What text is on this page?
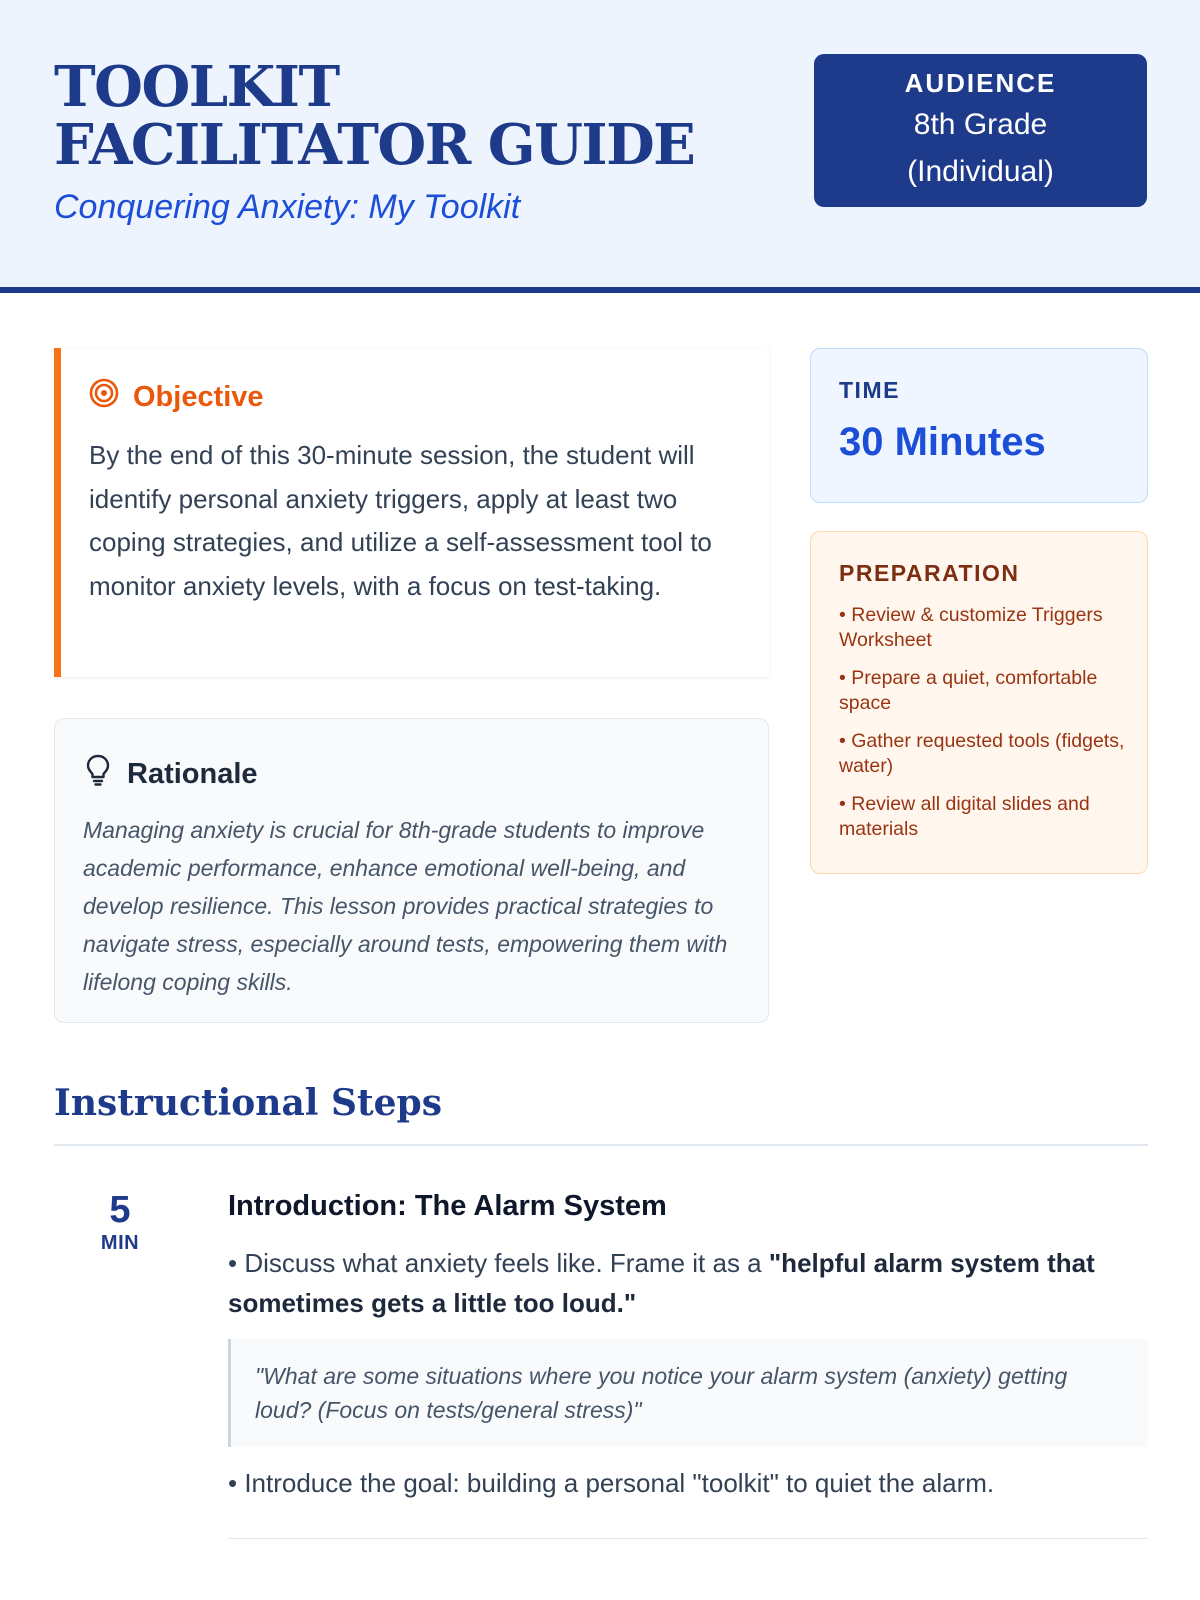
TOOLKIT FACILITATOR GUIDE
Conquering Anxiety: My Toolkit
AUDIENCE
8th Grade (Individual)
Objective

By the end of this 30-minute session, the student will identify personal anxiety triggers, apply at least two coping strategies, and utilize a self-assessment tool to monitor anxiety levels, with a focus on test-taking.

Rationale

Managing anxiety is crucial for 8th-grade students to improve academic performance, enhance emotional well-being, and develop resilience. This lesson provides practical strategies to navigate stress, especially around tests, empowering them with lifelong coping skills.

TIME
30 Minutes
PREPARATION
• Review & customize Triggers Worksheet
• Prepare a quiet, comfortable space
• Gather requested tools (fidgets, water)
• Review all digital slides and materials
Instructional Steps
5
MIN
Introduction: The Alarm System

• Discuss what anxiety feels like. Frame it as a "helpful alarm system that sometimes gets a little too loud."

"What are some situations where you notice your alarm system (anxiety) getting loud? (Focus on tests/general stress)"

• Introduce the goal: building a personal "toolkit" to quiet the alarm.
